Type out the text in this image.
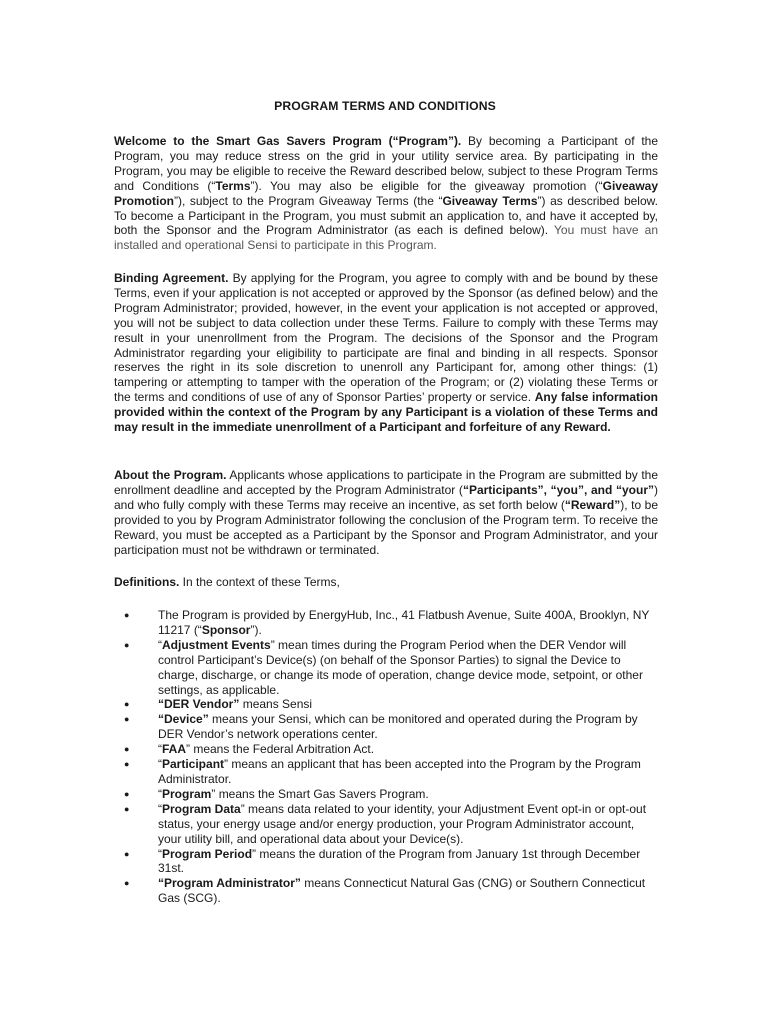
PROGRAM TERMS AND CONDITIONS

Welcome to the Smart Gas Savers Program (“Program”). By becoming a Participant of the Program, you may reduce stress on the grid in your utility service area. By participating in the Program, you may be eligible to receive the Reward described below, subject to these Program Terms and Conditions (“Terms”). You may also be eligible for the giveaway promotion (“Giveaway Promotion”), subject to the Program Giveaway Terms (the “Giveaway Terms”) as described below. To become a Participant in the Program, you must submit an application to, and have it accepted by, both the Sponsor and the Program Administrator (as each is defined below). You must have an installed and operational Sensi to participate in this Program.

Binding Agreement. By applying for the Program, you agree to comply with and be bound by these Terms, even if your application is not accepted or approved by the Sponsor (as defined below) and the Program Administrator; provided, however, in the event your application is not accepted or approved, you will not be subject to data collection under these Terms. Failure to comply with these Terms may result in your unenrollment from the Program. The decisions of the Sponsor and the Program Administrator regarding your eligibility to participate are final and binding in all respects. Sponsor reserves the right in its sole discretion to unenroll any Participant for, among other things: (1) tampering or attempting to tamper with the operation of the Program; or (2) violating these Terms or the terms and conditions of use of any of Sponsor Parties’ property or service. Any false information provided within the context of the Program by any Participant is a violation of these Terms and may result in the immediate unenrollment of a Participant and forfeiture of any Reward.

About the Program. Applicants whose applications to participate in the Program are submitted by the enrollment deadline and accepted by the Program Administrator (“Participants”, “you”, and “your”) and who fully comply with these Terms may receive an incentive, as set forth below (“Reward”), to be provided to you by Program Administrator following the conclusion of the Program term. To receive the Reward, you must be accepted as a Participant by the Sponsor and Program Administrator, and your participation must not be withdrawn or terminated.

Definitions. In the context of these Terms,

● The Program is provided by EnergyHub, Inc., 41 Flatbush Avenue, Suite 400A, Brooklyn, NY 11217 (“Sponsor”).
● “Adjustment Events” mean times during the Program Period when the DER Vendor will control Participant’s Device(s) (on behalf of the Sponsor Parties) to signal the Device to charge, discharge, or change its mode of operation, change device mode, setpoint, or other settings, as applicable.
● “DER Vendor” means Sensi
● “Device” means your Sensi, which can be monitored and operated during the Program by DER Vendor’s network operations center.
● “FAA” means the Federal Arbitration Act.
● “Participant” means an applicant that has been accepted into the Program by the Program Administrator.
● “Program” means the Smart Gas Savers Program.
● “Program Data” means data related to your identity, your Adjustment Event opt-in or opt-out status, your energy usage and/or energy production, your Program Administrator account, your utility bill, and operational data about your Device(s).
● “Program Period” means the duration of the Program from January 1st through December 31st.
● “Program Administrator” means Connecticut Natural Gas (CNG) or Southern Connecticut Gas (SCG).
